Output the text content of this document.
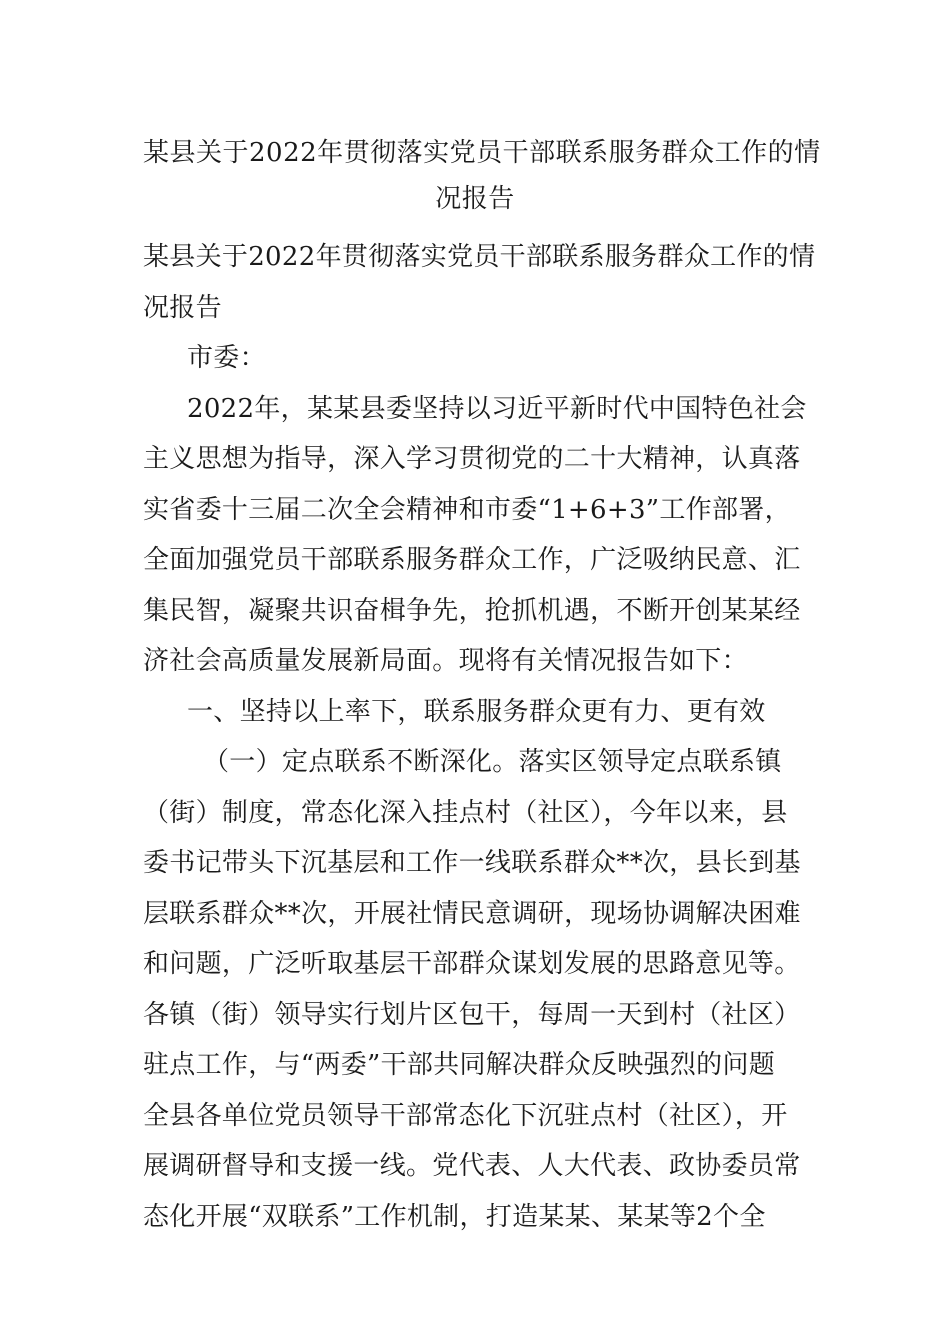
某县关于2022年贯彻落实党员干部联系服务群众工作的情
况报告
某县关于2022年贯彻落实党员干部联系服务群众工作的情
况报告
市委：
2022年，某某县委坚持以习近平新时代中国特色社会
主义思想为指导，深入学习贯彻党的二十大精神，认真落
实省委十三届二次全会精神和市委“1+6+3”工作部署，
全面加强党员干部联系服务群众工作，广泛吸纳民意、汇
集民智，凝聚共识奋楫争先，抢抓机遇，不断开创某某经
济社会高质量发展新局面。现将有关情况报告如下：
一、坚持以上率下，联系服务群众更有力、更有效
（一）定点联系不断深化。落实区领导定点联系镇
（街）制度，常态化深入挂点村（社区），今年以来，县
委书记带头下沉基层和工作一线联系群众**次，县长到基
层联系群众**次，开展社情民意调研，现场协调解决困难
和问题，广泛听取基层干部群众谋划发展的思路意见等。
各镇（街）领导实行划片区包干，每周一天到村（社区）
驻点工作，与“两委”干部共同解决群众反映强烈的问题
全县各单位党员领导干部常态化下沉驻点村（社区），开
展调研督导和支援一线。党代表、人大代表、政协委员常
态化开展“双联系”工作机制，打造某某、某某等2个全
